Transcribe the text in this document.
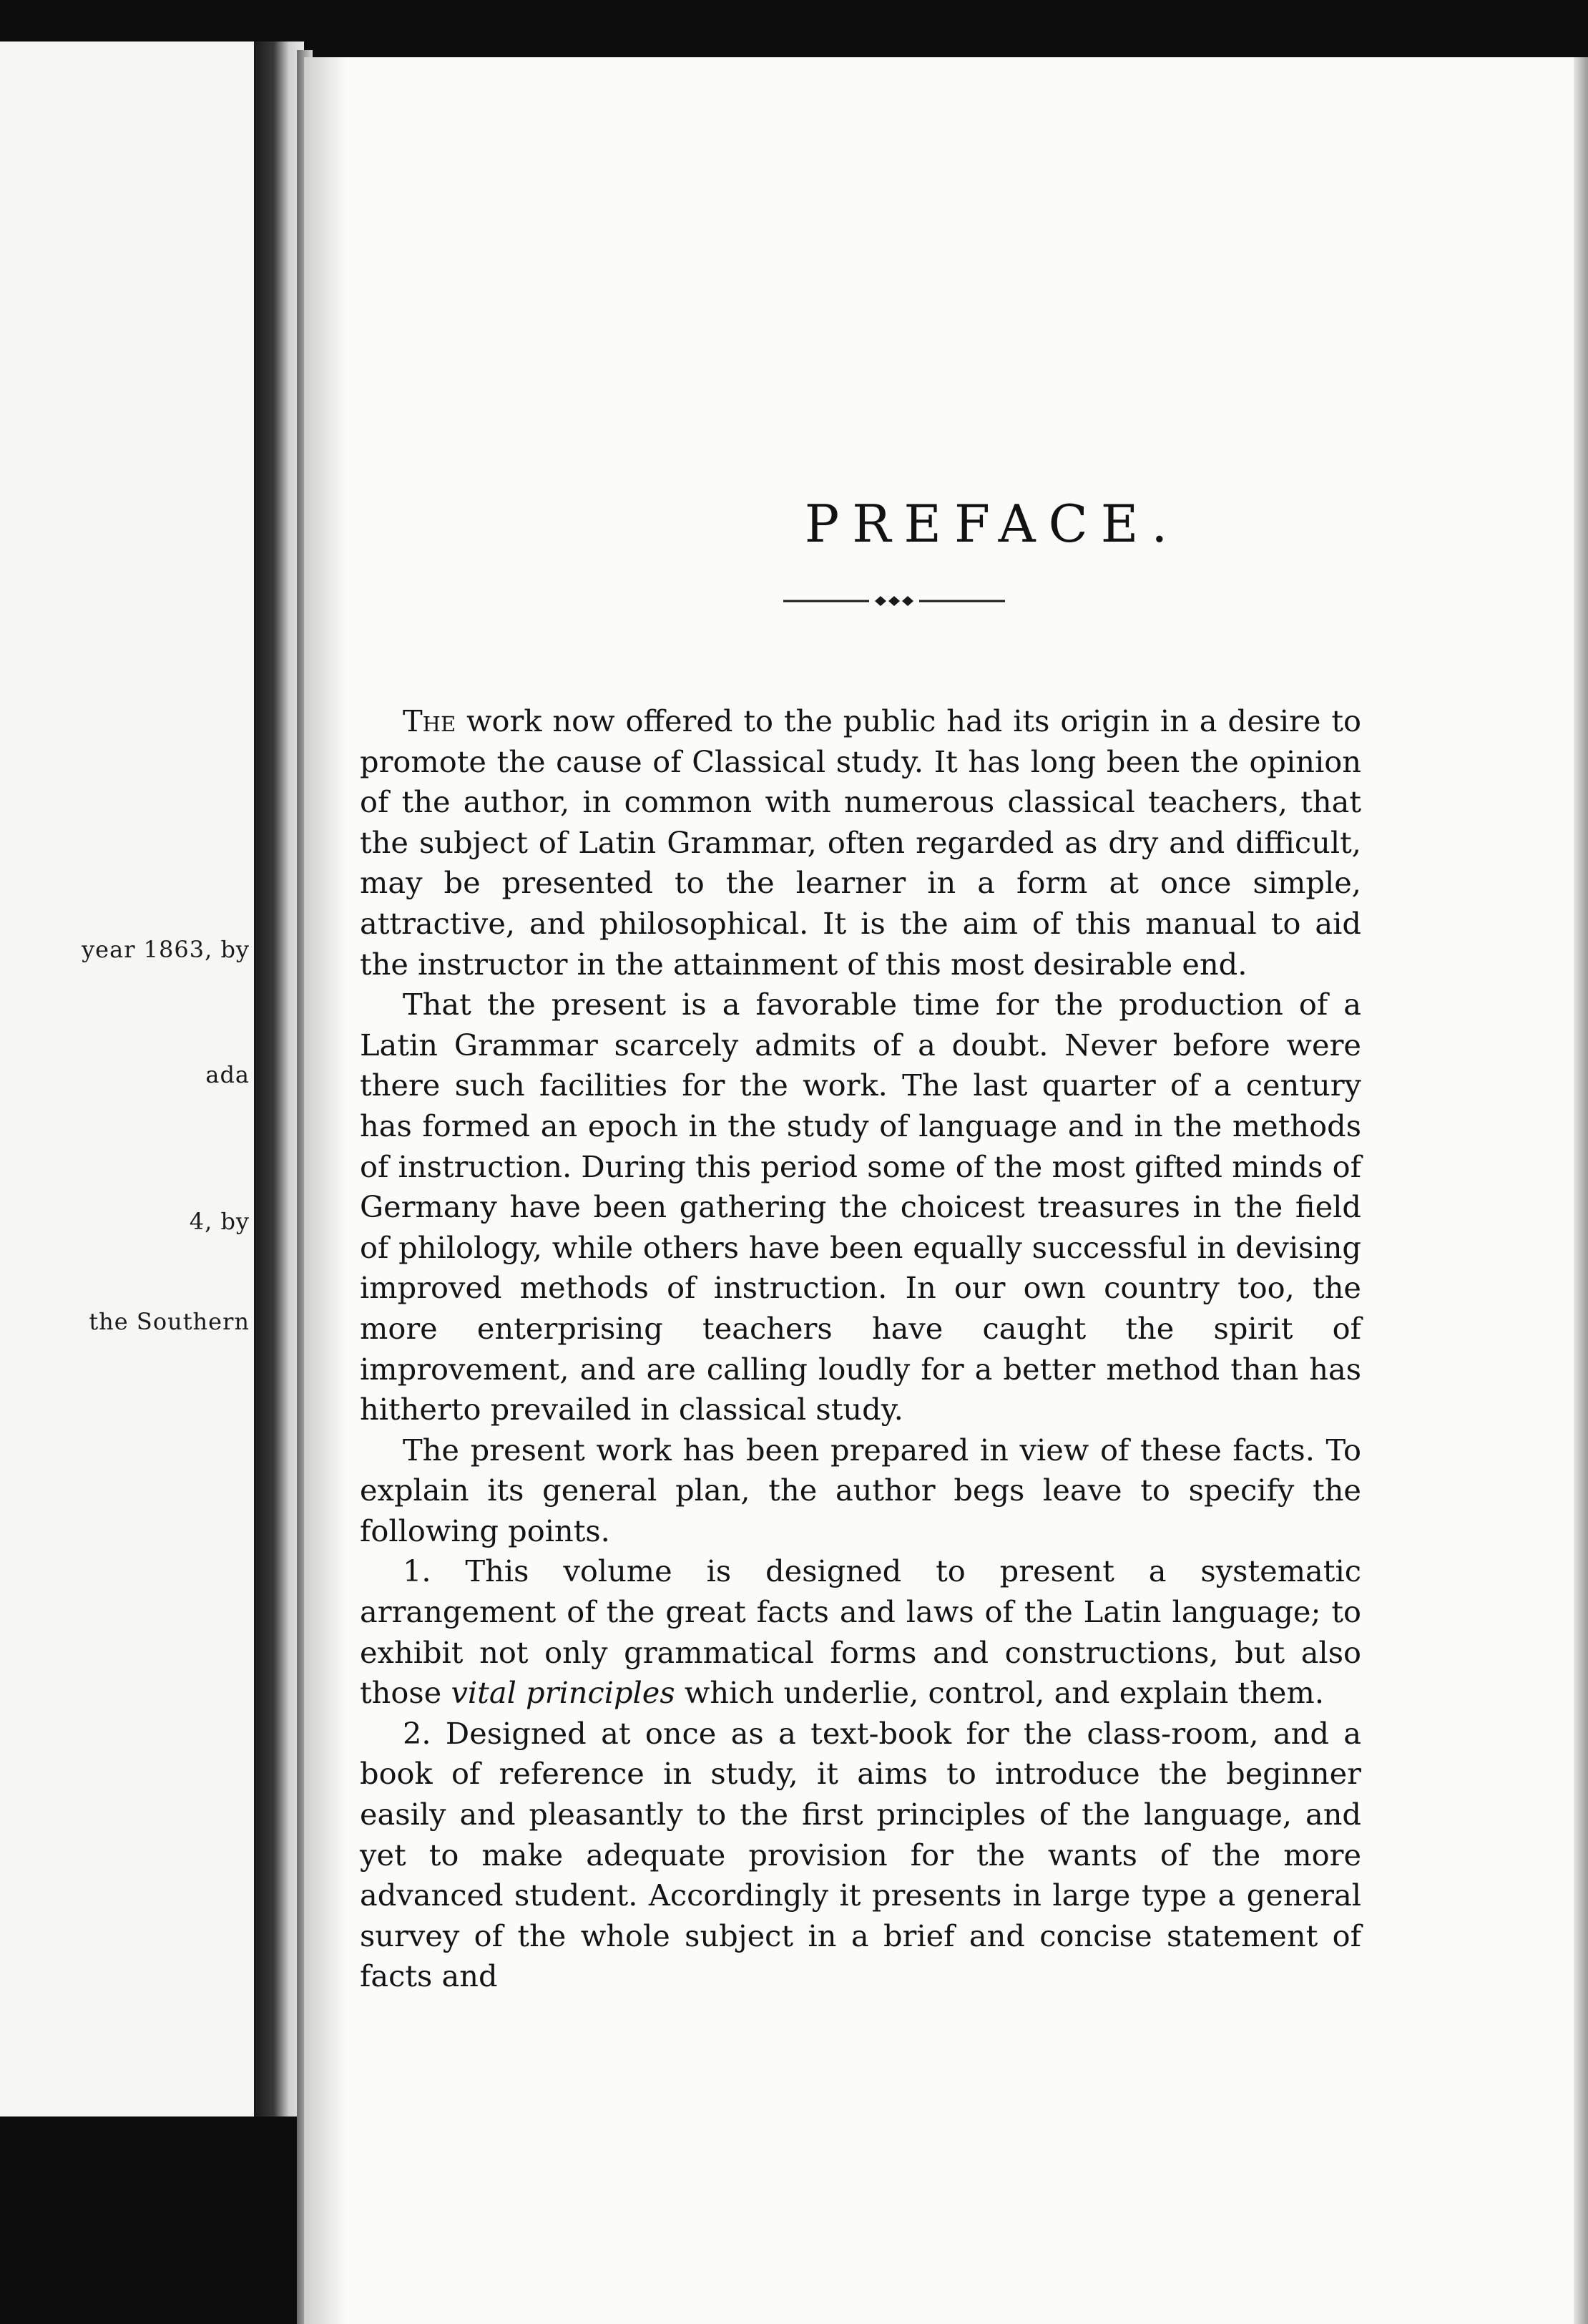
year 1863, by
ada
4, by
the Southern
PREFACE.

The work now offered to the public had its origin in a desire to promote the cause of Classical study. It has long been the opinion of the author, in common with numerous classical teachers, that the subject of Latin Grammar, often regarded as dry and difficult, may be presented to the learner in a form at once simple, attractive, and philosophical. It is the aim of this manual to aid the instructor in the attainment of this most desirable end.

That the present is a favorable time for the production of a Latin Grammar scarcely admits of a doubt. Never before were there such facilities for the work. The last quarter of a century has formed an epoch in the study of language and in the methods of instruction. During this period some of the most gifted minds of Germany have been gathering the choicest treasures in the field of philology, while others have been equally successful in devising improved methods of instruction. In our own country too, the more enterprising teachers have caught the spirit of improvement, and are calling loudly for a better method than has hitherto prevailed in classical study.

The present work has been prepared in view of these facts. To explain its general plan, the author begs leave to specify the following points.

1. This volume is designed to present a systematic arrangement of the great facts and laws of the Latin language; to exhibit not only grammatical forms and constructions, but also those vital principles which underlie, control, and explain them.

2. Designed at once as a text-book for the class-room, and a book of reference in study, it aims to introduce the beginner easily and pleasantly to the first principles of the language, and yet to make adequate provision for the wants of the more advanced student. Accordingly it presents in large type a general survey of the whole subject in a brief and concise statement of facts and
